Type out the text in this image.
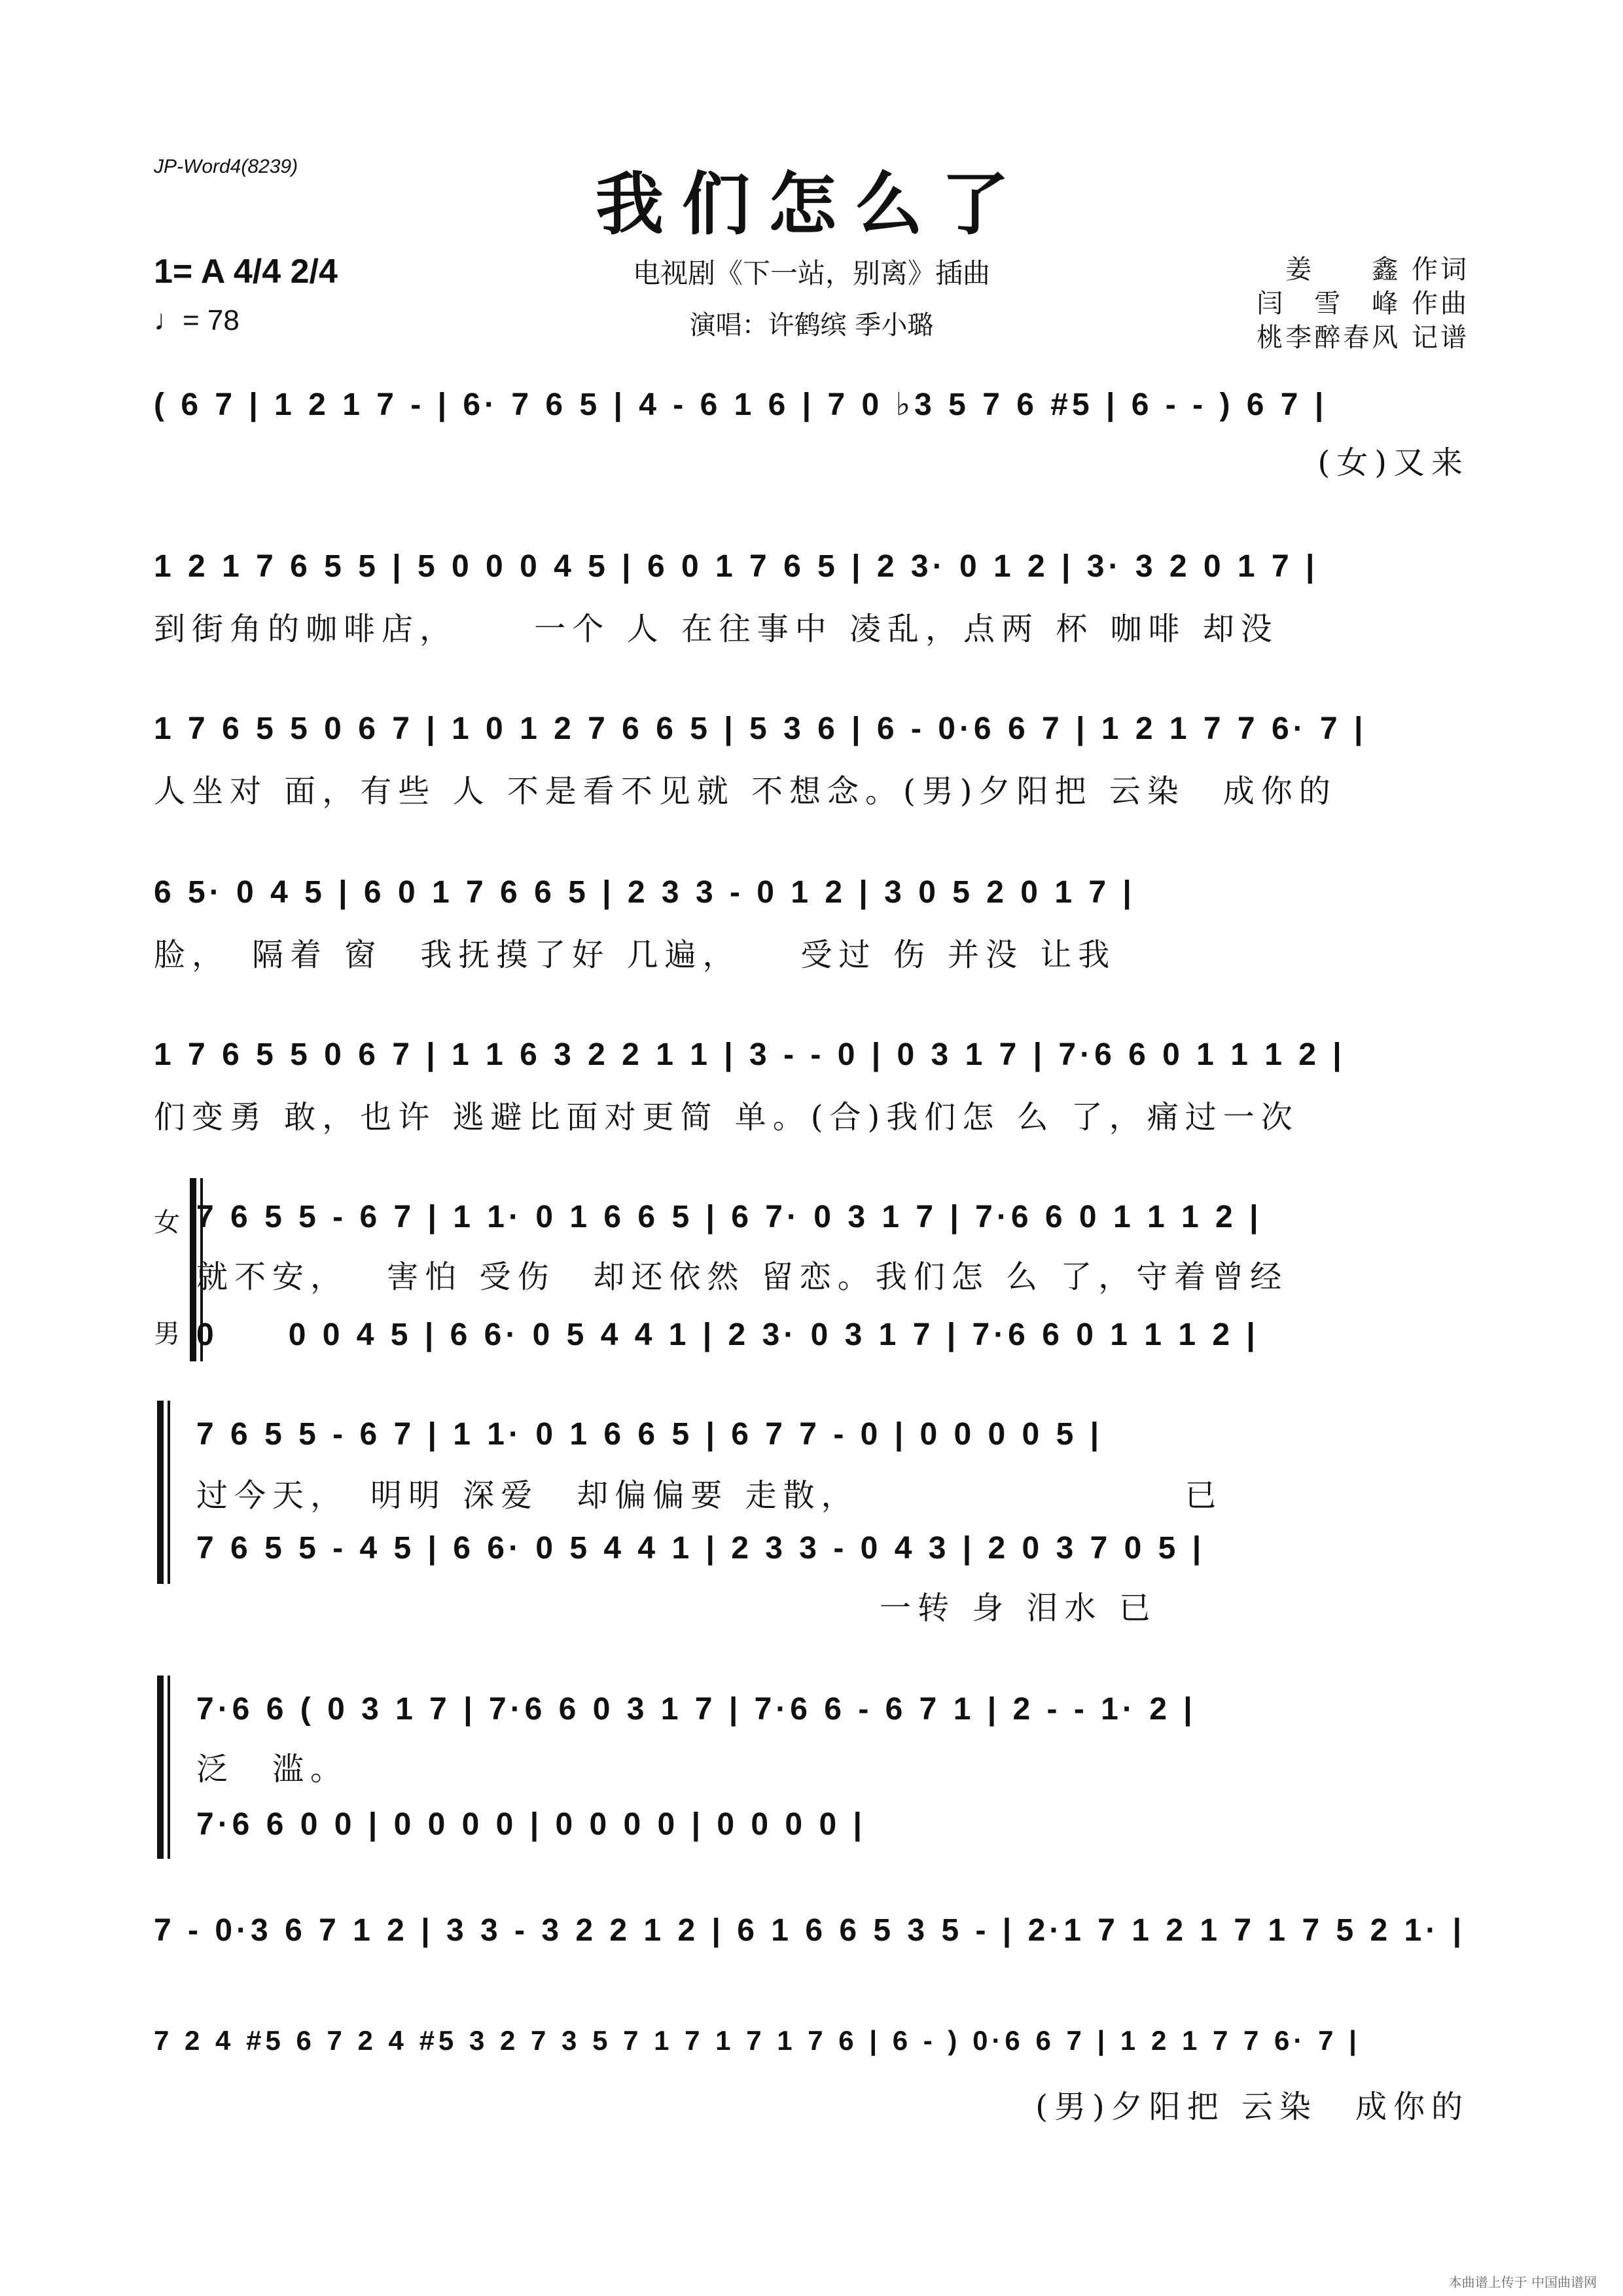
JP-Word4(8239)	我们怎么了
1= A 4/4 2/4
♩= 78
电视剧《下一站，别离》插曲
演唱：许鹤缤 季小璐
姜　　鑫 作词
闫　雪　峰 作曲
桃李醉春风 记谱
( 6 7 | 1 2 1 7 - | 6· 7 6 5 | 4 - 6 1 6 | 7 0 ♭3 5 7 6 #5 | 6 - - ) 6 7 |
(女)又来
1 2 1 7 6 5 5 | 5 0 0 0 4 5 | 6 0 1 7 6 5 | 2 3· 0 1 2 | 3· 3 2 0 1 7 |
到街角的咖啡店，　　 一个 人 在往事中 凌乱，点两 杯 咖啡 却没
1 7 6 5 5 0 6 7 | 1 0 1 2 7 6 6 5 | 5 3 6 | 6 - 0·6 6 7 | 1 2 1 7 7 6· 7 |
人坐对 面，有些 人 不是看不见就 不想念。(男)夕阳把 云染　成你的
6 5· 0 4 5 | 6 0 1 7 6 6 5 | 2 3 3 - 0 1 2 | 3 0 5 2 0 1 7 |
脸，　隔着 窗　我抚摸了好 几遍，　　受过 伤 并没 让我
1 7 6 5 5 0 6 7 | 1 1 6 3 2 2 1 1 | 3 - - 0 | 0 3 1 7 | 7·6 6 0 1 1 1 2 |
们变勇 敢，也许 逃避比面对更简 单。(合)我们怎 么 了，痛过一次
女 7 6 5 5 - 6 7 | 1 1· 0 1 6 6 5 | 6 7· 0 3 1 7 | 7·6 6 0 1 1 1 2 |
就不安，　 害怕 受伤　却还依然 留恋。我们怎 么 了，守着曾经
男 0　　0 0 4 5 | 6 6· 0 5 4 4 1 | 2 3· 0 3 1 7 | 7·6 6 0 1 1 1 2 |
7 6 5 5 - 6 7 | 1 1· 0 1 6 6 5 | 6 7 7 - 0 | 0 0 0 0 5 |
过今天，　明明 深爱　却偏偏要 走散，　　　　　　　　　已
7 6 5 5 - 4 5 | 6 6· 0 5 4 4 1 | 2 3 3 - 0 4 3 | 2 0 3 7 0 5 |
　　　　　　　　　　　　　　　　　　一转 身 泪水 已
7·6 6 ( 0 3 1 7 | 7·6 6 0 3 1 7 | 7·6 6 - 6 7 1 | 2 - - 1· 2 |
泛　滥。
7·6 6 0 0 | 0 0 0 0 | 0 0 0 0 | 0 0 0 0 |
7 - 0·3 6 7 1 2 | 3 3 - 3 2 2 1 2 | 6 1 6 6 5 3 5 - | 2·1 7 1 2 1 7 1 7 5 2 1· |
7 2 4 #5 6 7 2 4 #5 3 2 7 3 5 7 1 7 1 7 1 7 6 | 6 - ) 0·6 6 7 | 1 2 1 7 7 6· 7 |
(男)夕阳把 云染　成你的
本曲谱上传于 中国曲谱网
